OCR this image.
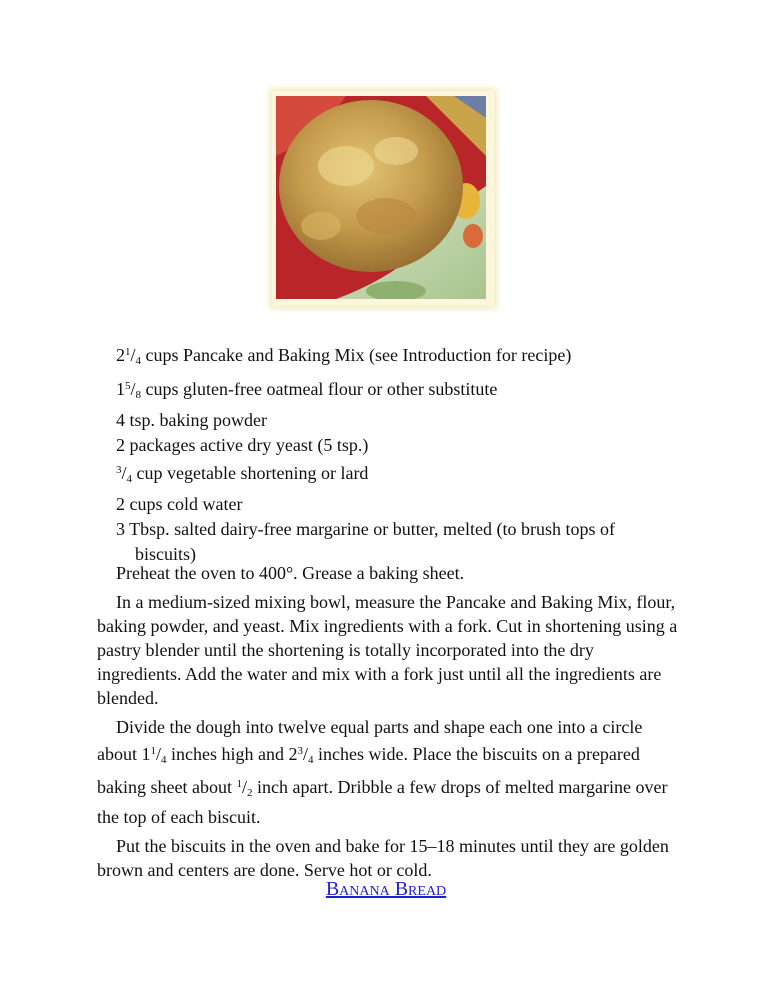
$2^1/_4$ cups Pancake and Baking Mix (see Introduction for recipe)
$1^5/_8$ cups gluten-free oatmeal flour or other substitute
4 tsp. baking powder
2 packages active dry yeast (5 tsp.)
$^3/_4$ cup vegetable shortening or lard
2 cups cold water
3 Tbsp. salted dairy-free margarine or butter, melted (to brush tops of biscuits)

Preheat the oven to 400°. Grease a baking sheet.

In a medium-sized mixing bowl, measure the Pancake and Baking Mix, flour, baking powder, and yeast. Mix ingredients with a fork. Cut in shortening using a pastry blender until the shortening is totally incorporated into the dry ingredients. Add the water and mix with a fork just until all the ingredients are blended.

Divide the dough into twelve equal parts and shape each one into a circle about $1^1/_4$ inches high and $2^3/_4$ inches wide. Place the biscuits on a prepared baking sheet about $^1/_2$ inch apart. Dribble a few drops of melted margarine over the top of each biscuit.

Put the biscuits in the oven and bake for 15–18 minutes until they are golden brown and centers are done. Serve hot or cold.

Banana Bread
